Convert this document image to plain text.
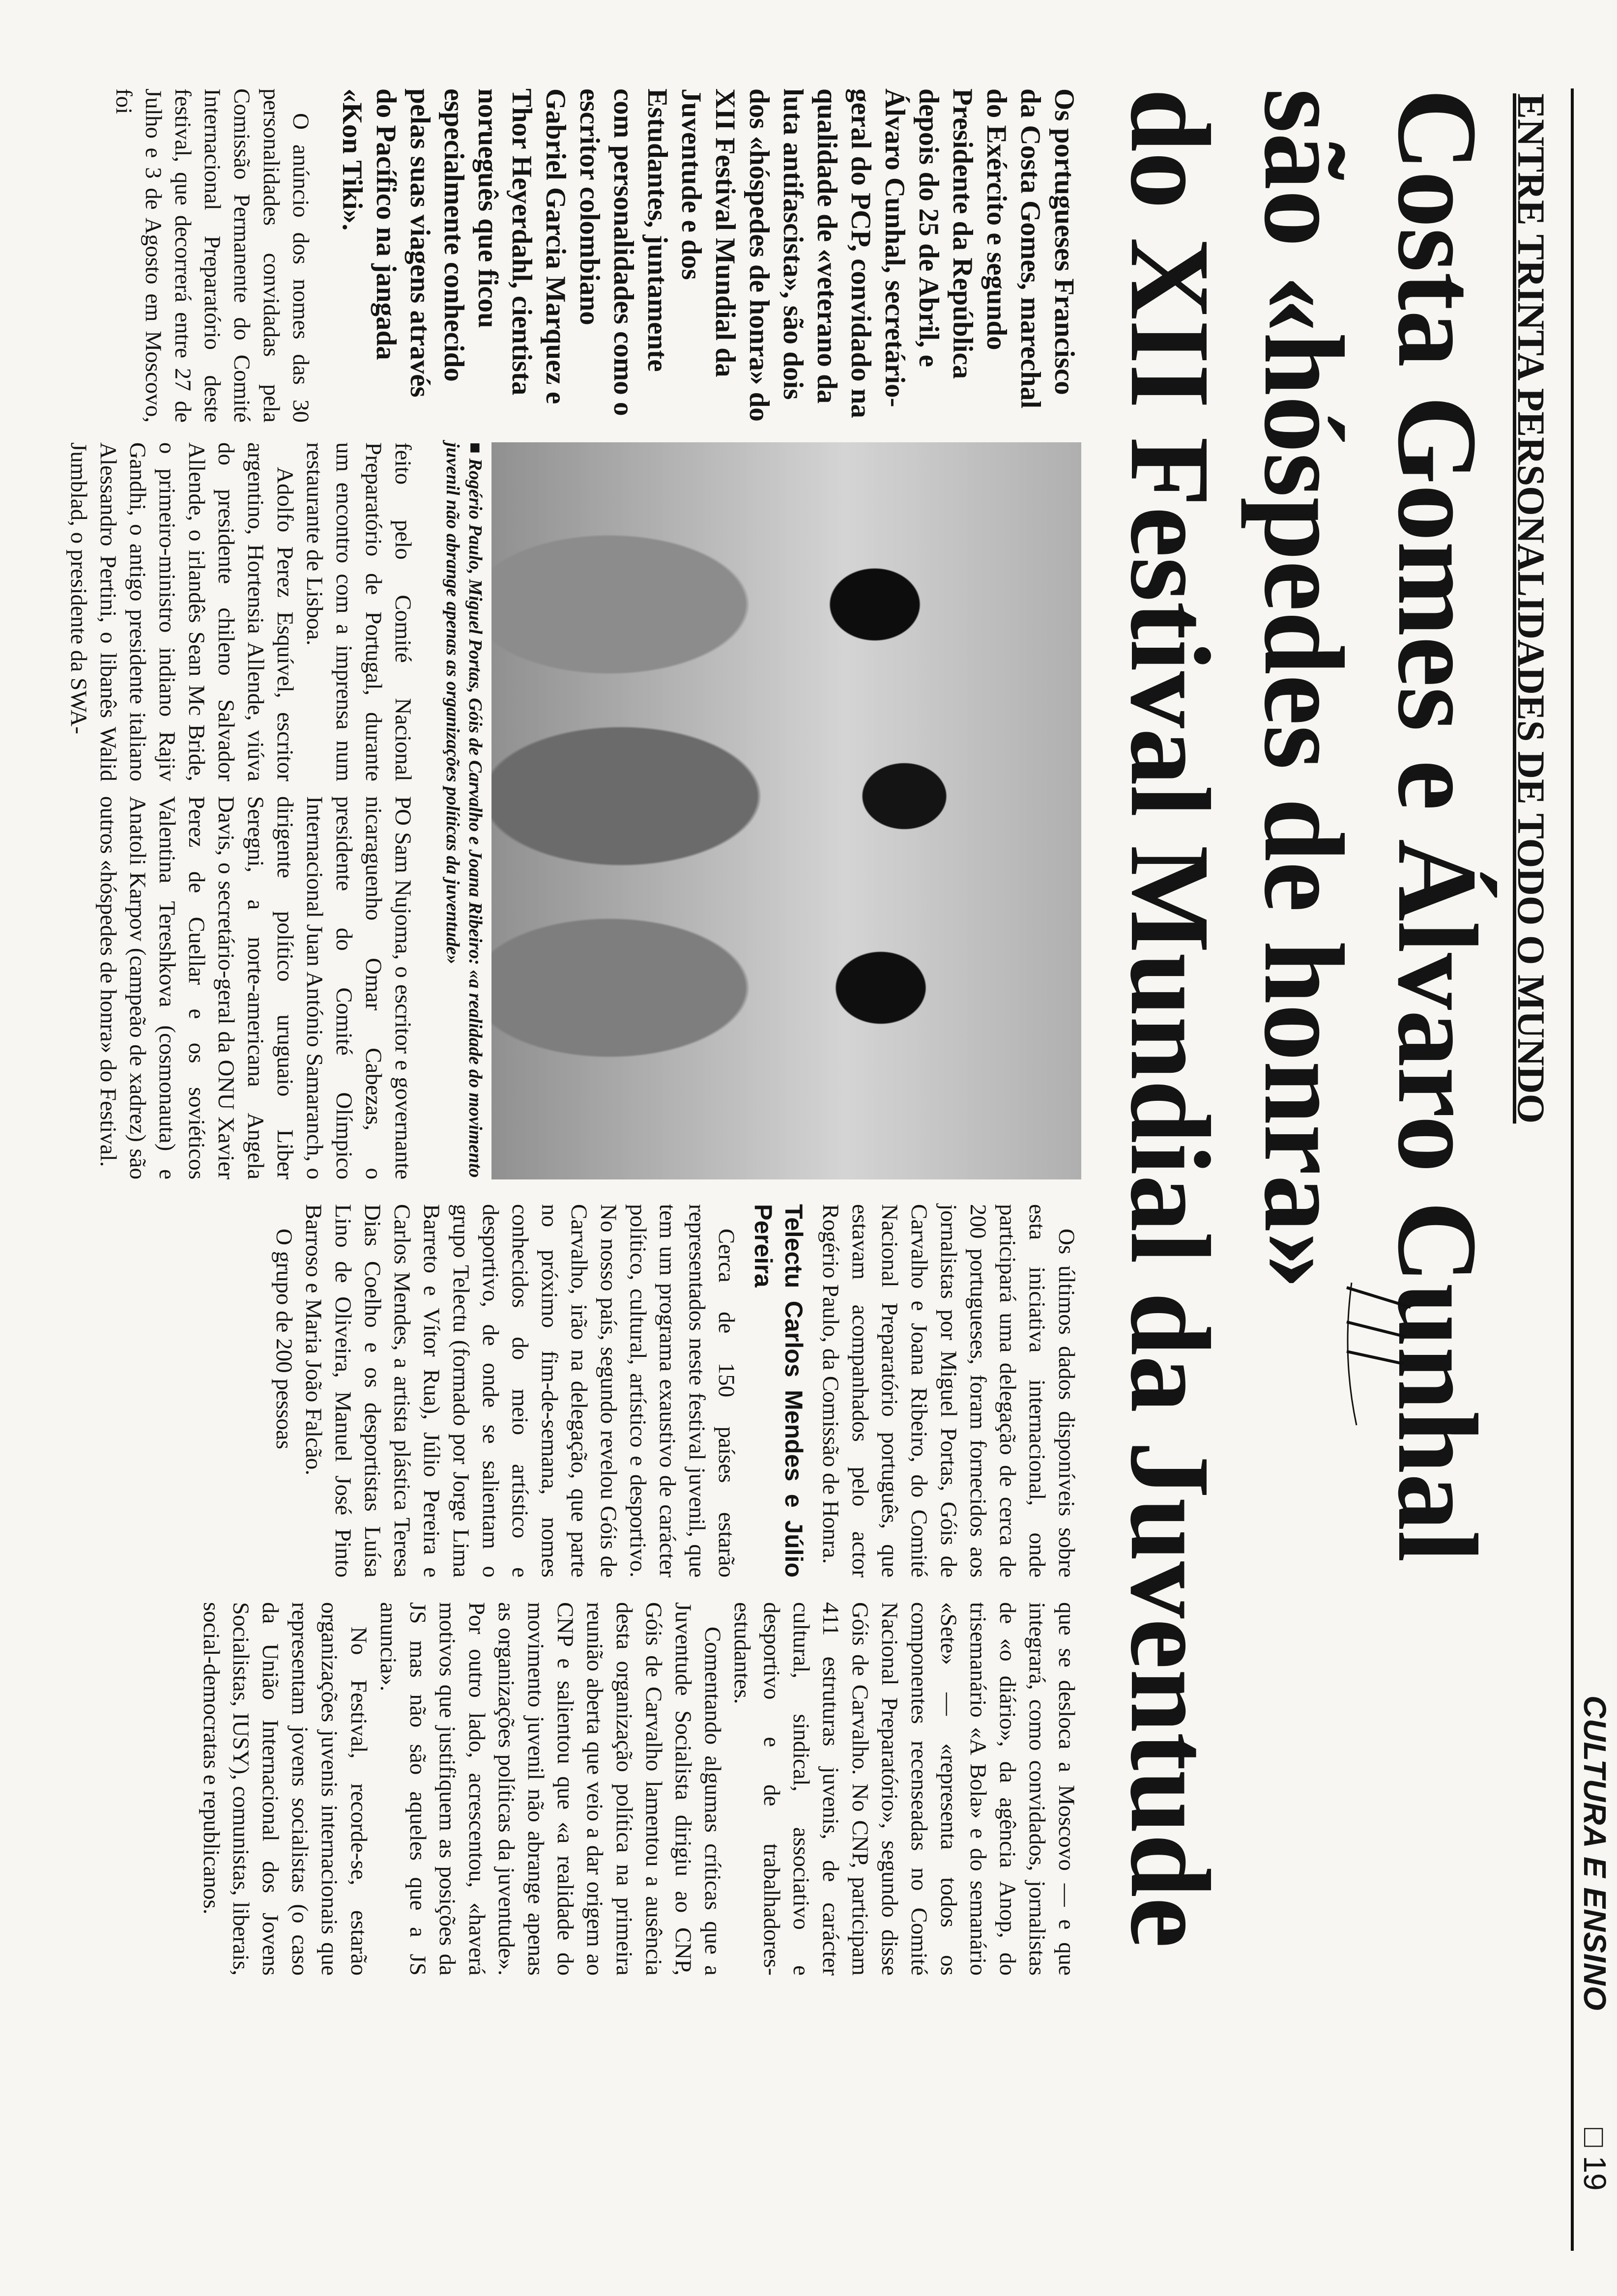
CULTURA E ENSINO
□ 19
ENTRE TRINTA PERSONALIDADES DE TODO O MUNDO
Costa Gomes e Álvaro Cunhal
são «hóspedes de honra»
do XII Festival Mundial da Juventude

Os portugueses Francisco da Costa Gomes, marechal do Exército e segundo Presidente da República depois do 25 de Abril, e Álvaro Cunhal, secretário-geral do PCP, convidado na qualidade de «veterano da luta antifascista», são dois dos «hóspedes de honra» do XII Festival Mundial da Juventude e dos Estudantes, juntamente com personalidades como o escritor colombiano Gabriel Garcia Marquez e Thor Heyerdahl, cientista norueguês que ficou especialmente conhecido pelas suas viagens através do Pacífico na jangada «Kon Tiki».

O anúncio dos nomes das 30 personalidades convidadas pela Comissão Permanente do Comité Internacional Preparatório deste festival, que decorrerá entre 27 de Julho e 3 de Agosto em Moscovo, foi

■ Rogério Paulo, Miguel Portas, Góis de Carvalho e Joana Ribeiro: «a realidade do movimento juvenil não abrange apenas as organizações políticas da juventude»

feito pelo Comité Nacional Preparatório de Portugal, durante um encontro com a imprensa num restaurante de Lisboa.

Adolfo Perez Esquível, escritor argentino, Hortensia Allende, viúva do presidente chileno Salvador Allende, o irlandês Sean Mc Bride, o primeiro-ministro indiano Rajiv Gandhi, o antigo presidente italiano Alessandro Pertini, o libanês Walid Jumblad, o presidente da SWA-

PO Sam Nujoma, o escritor e governante nicaraguenho Omar Cabezas, o presidente do Comité Olímpico Internacional Juan António Samaranch, o dirigente político uruguaio Liber Seregni, a norte-americana Angela Davis, o secretário-geral da ONU Xavier Perez de Cuellar e os soviéticos Valentina Tereshkova (cosmonauta) e Anatoli Karpov (campeão de xadrez) são outros «hóspedes de honra» do Festival.

Os últimos dados disponíveis sobre esta iniciativa internacional, onde participará uma delegação de cerca de 200 portugueses, foram fornecidos aos jornalistas por Miguel Portas, Góis de Carvalho e Joana Ribeiro, do Comité Nacional Preparatório português, que estavam acompanhados pelo actor Rogério Paulo, da Comissão de Honra.

Telectu Carlos Mendes e Júlio Pereira

Cerca de 150 países estarão representados neste festival juvenil, que tem um programa exaustivo de carácter político, cultural, artístico e desportivo. No nosso país, segundo revelou Góis de Carvalho, irão na delegação, que parte no próximo fim-de-semana, nomes conhecidos do meio artístico e desportivo, de onde se salientam o grupo Telectu (formado por Jorge Lima Barreto e Vítor Rua), Júlio Pereira e Carlos Mendes, a artista plástica Teresa Dias Coelho e os desportistas Luísa Lino de Oliveira, Manuel José Pinto Barroso e Maria João Falcão.

O grupo de 200 pessoas

que se desloca a Moscovo — e que integrará, como convidados, jornalistas de «o diário», da agência Anop, do trisemanário «A Bola» e do semanário «Sete» — «representa todos os componentes recenseadas no Comité Nacional Preparatório», segundo disse Góis de Carvalho. No CNP, participam 411 estruturas juvenis, de carácter cultural, sindical, associativo e desportivo e de trabalhadores-estudantes.

Comentando algumas críticas que a Juventude Socialista dirigiu ao CNP, Góis de Carvalho lamentou a ausência desta organização política na primeira reunião aberta que veio a dar origem ao CNP e salientou que «a realidade do movimento juvenil não abrange apenas as organizações políticas da juventude». Por outro lado, acrescentou, «haverá motivos que justifiquem as posições da JS mas não são aqueles que a JS anuncia».

No Festival, recorde-se, estarão organizações juvenis internacionais que representam jovens socialistas (o caso da União Internacional dos Jovens Socialistas, IUSY), comunistas, liberais, social-democratas e republicanos.
